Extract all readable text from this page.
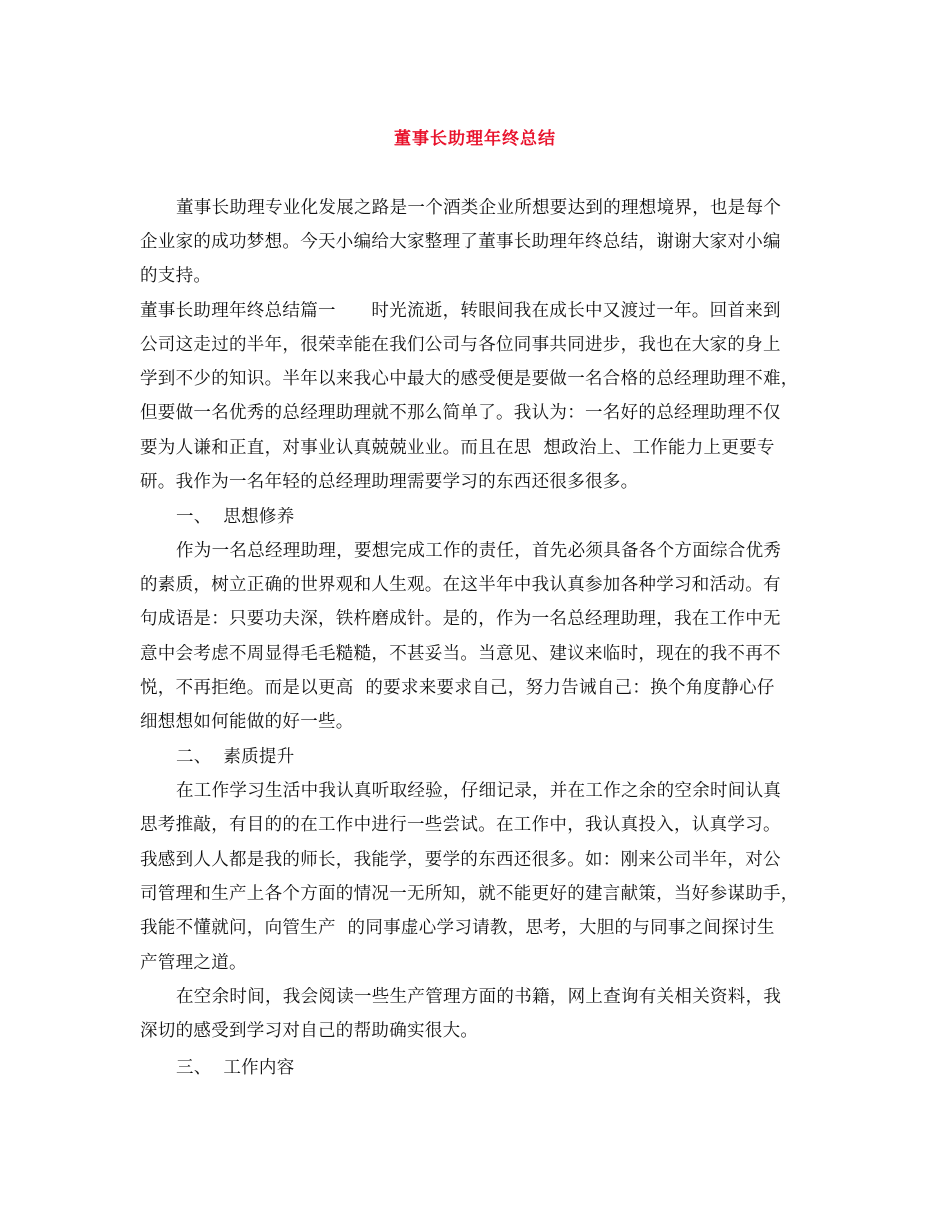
董事长助理年终总结
董事长助理专业化发展之路是一个酒类企业所想要达到的理想境界，也是每个
企业家的成功梦想。今天小编给大家整理了董事长助理年终总结，谢谢大家对小编
的支持。
董事长助理年终总结篇一　　时光流逝，转眼间我在成长中又渡过一年。回首来到
公司这走过的半年，很荣幸能在我们公司与各位同事共同进步，我也在大家的身上
学到不少的知识。半年以来我心中最大的感受便是要做一名合格的总经理助理不难，
但要做一名优秀的总经理助理就不那么简单了。我认为：一名好的总经理助理不仅
要为人谦和正直，对事业认真兢兢业业。而且在思  想政治上、工作能力上更要专
研。我作为一名年轻的总经理助理需要学习的东西还很多很多。
一、  思想修养
作为一名总经理助理，要想完成工作的责任，首先必须具备各个方面综合优秀
的素质，树立正确的世界观和人生观。在这半年中我认真参加各种学习和活动。有
句成语是：只要功夫深，铁杵磨成针。是的，作为一名总经理助理，我在工作中无
意中会考虑不周显得毛毛糙糙，不甚妥当。当意见、建议来临时，现在的我不再不
悦，不再拒绝。而是以更高  的要求来要求自己，努力告诫自己：换个角度静心仔
细想想如何能做的好一些。
二、  素质提升
在工作学习生活中我认真听取经验，仔细记录，并在工作之余的空余时间认真
思考推敲，有目的的在工作中进行一些尝试。在工作中，我认真投入，认真学习。
我感到人人都是我的师长，我能学，要学的东西还很多。如：刚来公司半年，对公
司管理和生产上各个方面的情况一无所知，就不能更好的建言献策，当好参谋助手，
我能不懂就问，向管生产  的同事虚心学习请教，思考，大胆的与同事之间探讨生
产管理之道。
在空余时间，我会阅读一些生产管理方面的书籍，网上查询有关相关资料，我
深切的感受到学习对自己的帮助确实很大。
三、  工作内容
